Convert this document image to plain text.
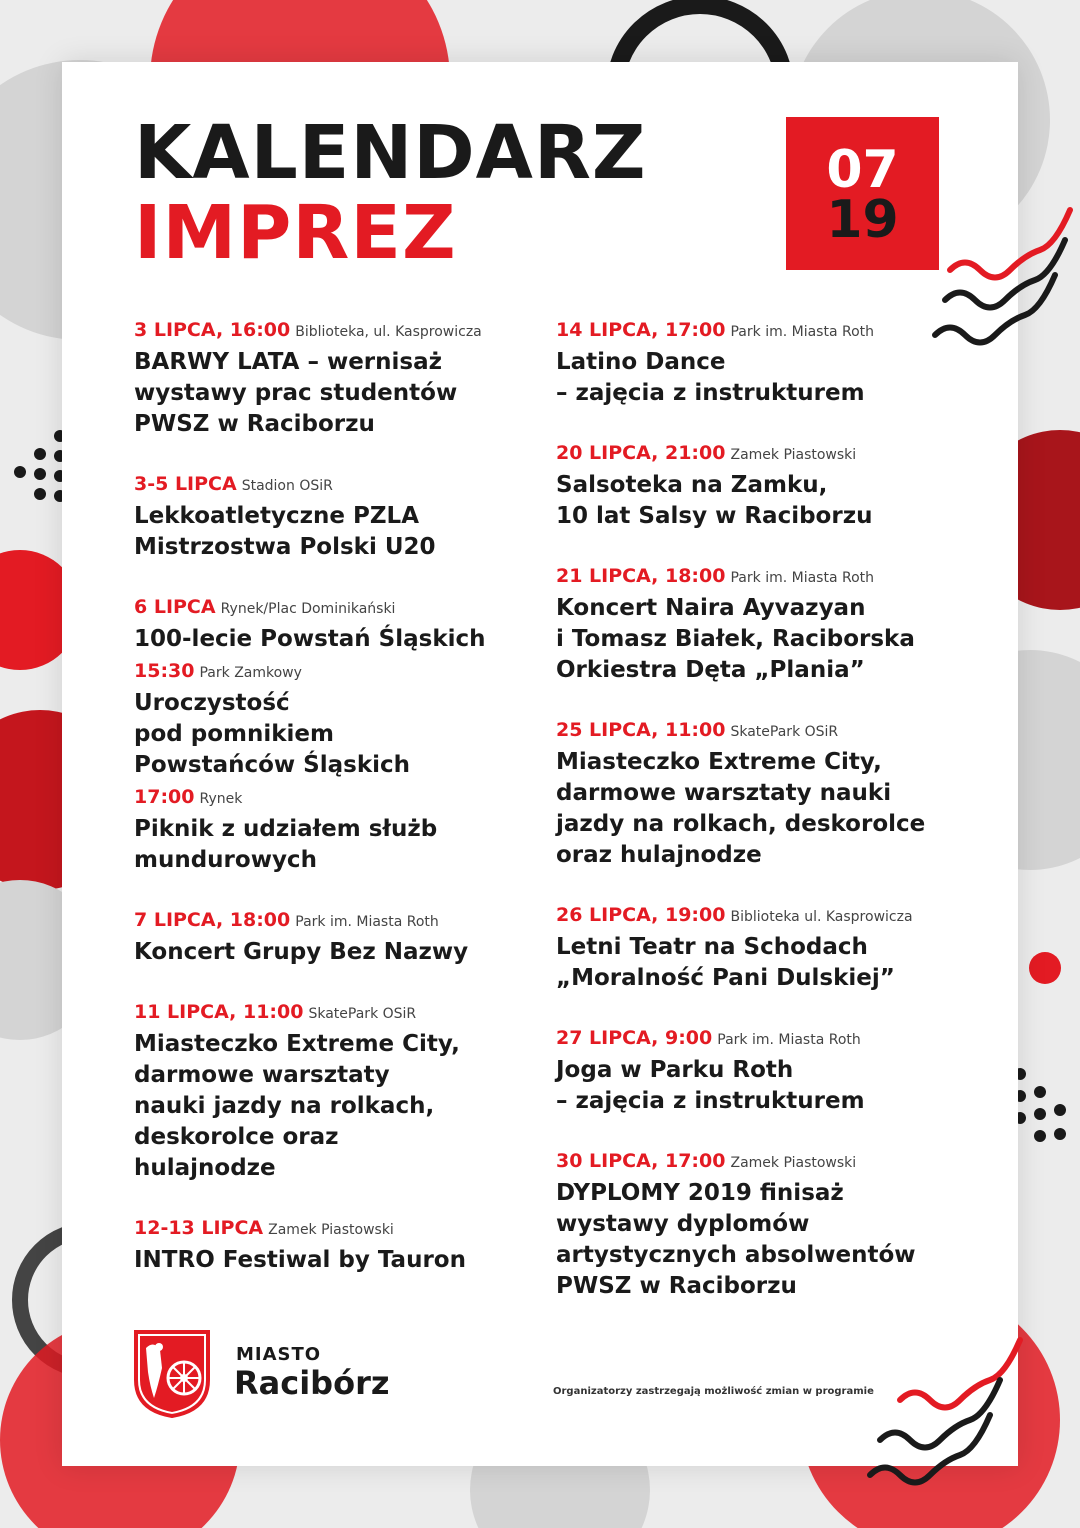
KALENDARZ
IMPREZ
07
19
3 LIPCA, 16:00 Biblioteka, ul. Kasprowicza

BARWY LATA – wernisaż
wystawy prac studentów
PWSZ w Raciborzu

3-5 LIPCA Stadion OSiR

Lekkoatletyczne PZLA
Mistrzostwa Polski U20

6 LIPCA Rynek/Plac Dominikański

100-lecie Powstań Śląskich

15:30 Park Zamkowy

Uroczystość
pod pomnikiem
Powstańców Śląskich

17:00 Rynek

Piknik z udziałem służb
mundurowych

7 LIPCA, 18:00 Park im. Miasta Roth

Koncert Grupy Bez Nazwy

11 LIPCA, 11:00 SkatePark OSiR

Miasteczko Extreme City,
darmowe warsztaty
nauki jazdy na rolkach,
deskorolce oraz
hulajnodze

12-13 LIPCA Zamek Piastowski

INTRO Festiwal by Tauron

14 LIPCA, 17:00 Park im. Miasta Roth

Latino Dance
– zajęcia z instrukturem

20 LIPCA, 21:00 Zamek Piastowski

Salsoteka na Zamku,
10 lat Salsy w Raciborzu

21 LIPCA, 18:00 Park im. Miasta Roth

Koncert Naira Ayvazyan
i Tomasz Białek, Raciborska
Orkiestra Dęta „Plania”

25 LIPCA, 11:00 SkatePark OSiR

Miasteczko Extreme City,
darmowe warsztaty nauki
jazdy na rolkach, deskorolce
oraz hulajnodze

26 LIPCA, 19:00 Biblioteka ul. Kasprowicza

Letni Teatr na Schodach
„Moralność Pani Dulskiej”

27 LIPCA, 9:00 Park im. Miasta Roth

Joga w Parku Roth
– zajęcia z instrukturem

30 LIPCA, 17:00 Zamek Piastowski

DYPLOMY 2019 finisaż
wystawy dyplomów
artystycznych absolwentów
PWSZ w Raciborzu

MIASTO
Racibórz	Organizatorzy zastrzegają możliwość zmian w programie
